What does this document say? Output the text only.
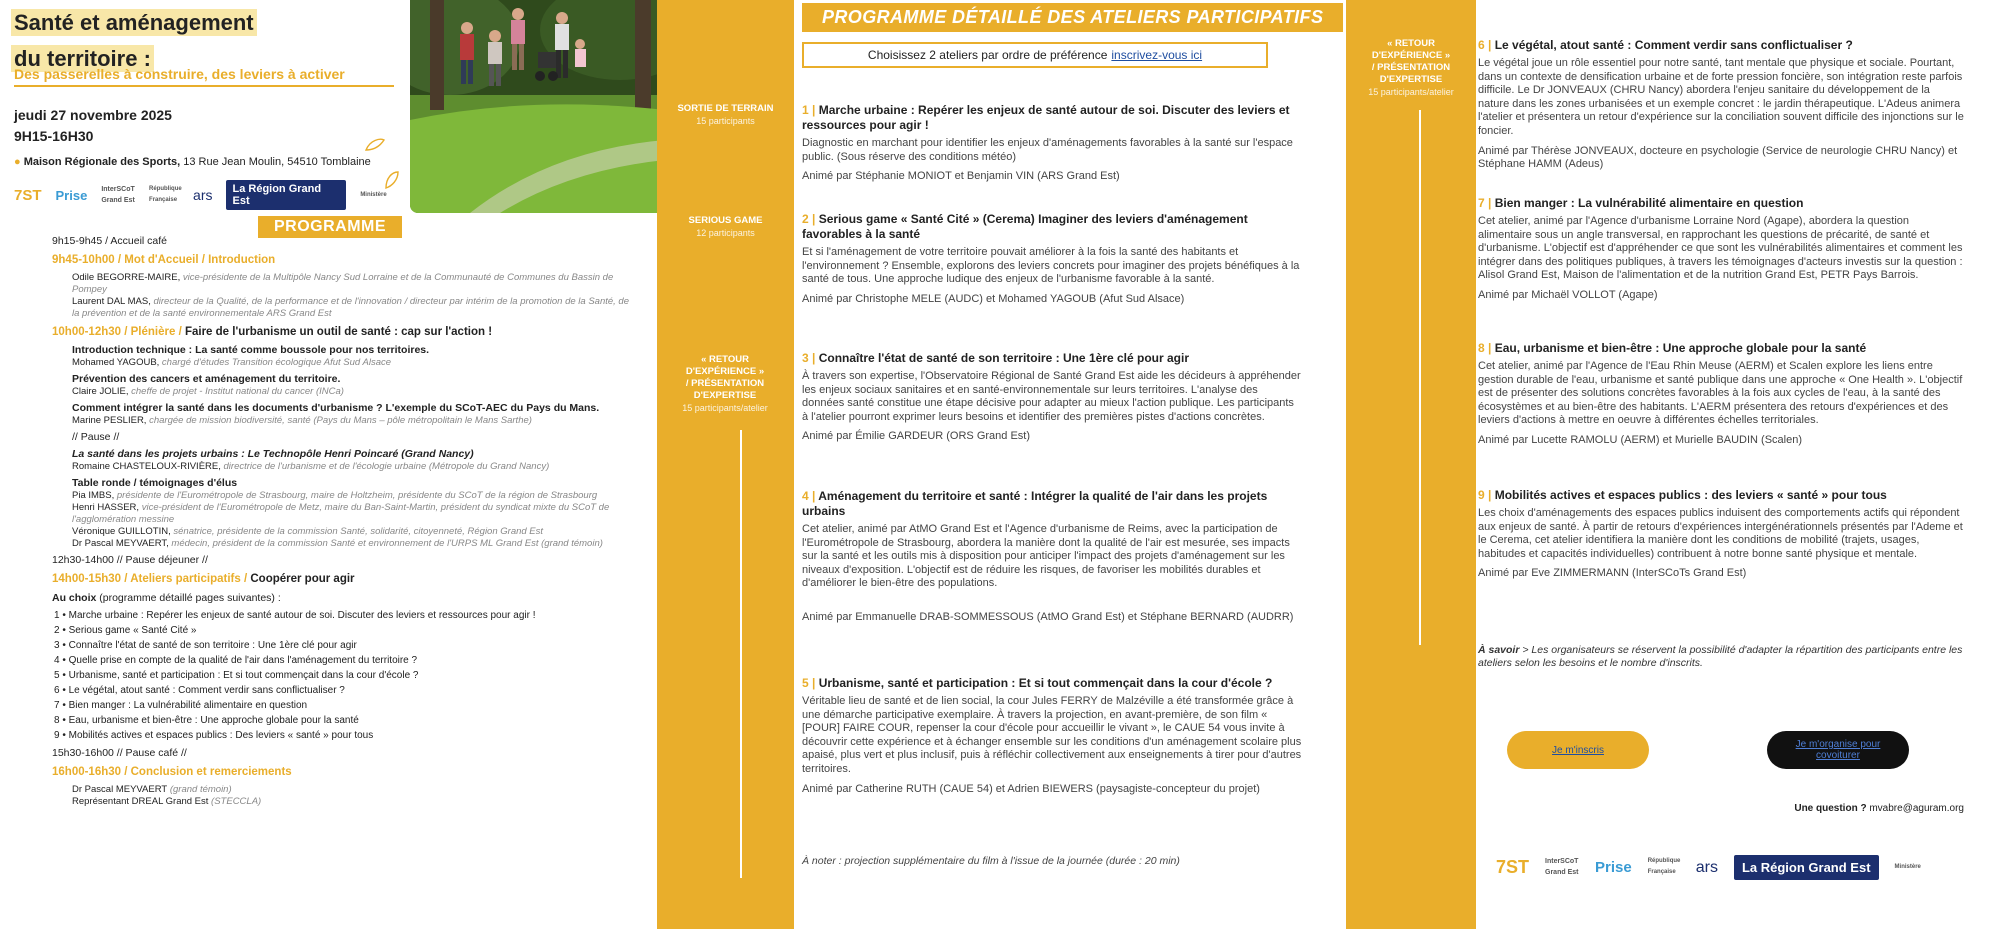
Santé et aménagement
du territoire :
Des passerelles à construire, des leviers à activer
jeudi 27 novembre 2025
9H15-16H30
● Maison Régionale des Sports, 13 Rue Jean Moulin, 54510 Tomblaine
7ST Prise InterSCoT Grand Est
République Française ars	La Région Grand Est
Ministère
PROGRAMME
9h15-9h45 / Accueil café
9h45-10h00 / Mot d'Accueil / Introduction
Odile BEGORRE-MAIRE, vice-présidente de la Multipôle Nancy Sud Lorraine et de la Communauté de Communes du Bassin de Pompey
Laurent DAL MAS, directeur de la Qualité, de la performance et de l'innovation / directeur par intérim de la promotion de la Santé, de la prévention et de la santé environnementale ARS Grand Est
10h00-12h30 / Plénière / Faire de l'urbanisme un outil de santé : cap sur l'action !
Introduction technique : La santé comme boussole pour nos territoires.
Mohamed YAGOUB, chargé d'études Transition écologique Afut Sud Alsace
Prévention des cancers et aménagement du territoire.
Claire JOLIE, cheffe de projet - Institut national du cancer (INCa)
Comment intégrer la santé dans les documents d'urbanisme ? L'exemple du SCoT-AEC du Pays du Mans.
Marine PESLIER, chargée de mission biodiversité, santé (Pays du Mans – pôle métropolitain le Mans Sarthe)
// Pause //
La santé dans les projets urbains : Le Technopôle Henri Poincaré (Grand Nancy)
Romaine CHASTELOUX-RIVIÈRE, directrice de l'urbanisme et de l'écologie urbaine (Métropole du Grand Nancy)
Table ronde / témoignages d'élus
Pia IMBS, présidente de l'Eurométropole de Strasbourg, maire de Holtzheim, présidente du SCoT de la région de Strasbourg
Henri HASSER, vice-président de l'Eurométropole de Metz, maire du Ban-Saint-Martin, président du syndicat mixte du SCoT de l'agglomération messine
Véronique GUILLOTIN, sénatrice, présidente de la commission Santé, solidarité, citoyenneté, Région Grand Est
Dr Pascal MEYVAERT, médecin, président de la commission Santé et environnement de l'URPS ML Grand Est (grand témoin)
12h30-14h00 // Pause déjeuner //
14h00-15h30 / Ateliers participatifs / Coopérer pour agir
Au choix (programme détaillé pages suivantes) :
1 • Marche urbaine : Repérer les enjeux de santé autour de soi. Discuter des leviers et ressources pour agir !
2 • Serious game « Santé Cité »
3 • Connaître l'état de santé de son territoire : Une 1ère clé pour agir
4 • Quelle prise en compte de la qualité de l'air dans l'aménagement du territoire ?
5 • Urbanisme, santé et participation : Et si tout commençait dans la cour d'école ?
6 • Le végétal, atout santé : Comment verdir sans conflictualiser ?
7 • Bien manger : La vulnérabilité alimentaire en question
8 • Eau, urbanisme et bien-être : Une approche globale pour la santé
9 • Mobilités actives et espaces publics : Des leviers « santé » pour tous
15h30-16h00 // Pause café //
16h00-16h30 / Conclusion et remerciements
Dr Pascal MEYVAERT (grand témoin)
Représentant DREAL Grand Est (STECCLA)
SORTIE DE TERRAIN
15 participants
SERIOUS GAME
12 participants
« RETOUR D'EXPÉRIENCE » / PRÉSENTATION D'EXPERTISE
15 participants/atelier
PROGRAMME DÉTAILLÉ DES ATELIERS PARTICIPATIFS
Choisissez 2 ateliers par ordre de préférence inscrivez-vous ici
1 | Marche urbaine : Repérer les enjeux de santé autour de soi. Discuter des leviers et ressources pour agir !

Diagnostic en marchant pour identifier les enjeux d'aménagements favorables à la santé sur l'espace public. (Sous réserve des conditions météo)

Animé par Stéphanie MONIOT et Benjamin VIN (ARS Grand Est)

2 | Serious game « Santé Cité » (Cerema) Imaginer des leviers d'aménagement favorables à la santé

Et si l'aménagement de votre territoire pouvait améliorer à la fois la santé des habitants et l'environnement ? Ensemble, explorons des leviers concrets pour imaginer des projets bénéfiques à la santé de tous. Une approche ludique des enjeux de l'urbanisme favorable à la santé.

Animé par Christophe MELE (AUDC) et Mohamed YAGOUB (Afut Sud Alsace)

3 | Connaître l'état de santé de son territoire : Une 1ère clé pour agir

À travers son expertise, l'Observatoire Régional de Santé Grand Est aide les décideurs à appréhender les enjeux sociaux sanitaires et en santé-environnementale sur leurs territoires. L'analyse des données santé constitue une étape décisive pour adapter au mieux l'action publique. Les participants à l'atelier pourront exprimer leurs besoins et identifier des premières pistes d'actions concrètes.

Animé par Émilie GARDEUR (ORS Grand Est)

4 | Aménagement du territoire et santé : Intégrer la qualité de l'air dans les projets urbains

Cet atelier, animé par AtMO Grand Est et l'Agence d'urbanisme de Reims, avec la participation de l'Eurométropole de Strasbourg, abordera la manière dont la qualité de l'air est mesurée, ses impacts sur la santé et les outils mis à disposition pour anticiper l'impact des projets d'aménagement sur les niveaux d'exposition. L'objectif est de réduire les risques, de favoriser les mobilités durables et d'améliorer le bien-être des populations.

Animé par Emmanuelle DRAB-SOMMESSOUS (AtMO Grand Est) et Stéphane BERNARD (AUDRR)

5 | Urbanisme, santé et participation : Et si tout commençait dans la cour d'école ?

Véritable lieu de santé et de lien social, la cour Jules FERRY de Malzéville a été transformée grâce à une démarche participative exemplaire. À travers la projection, en avant-première, de son film « [POUR] FAIRE COUR, repenser la cour d'école pour accueillir le vivant », le CAUE 54 vous invite à découvrir cette expérience et à échanger ensemble sur les conditions d'un aménagement scolaire plus apaisé, plus vert et plus inclusif, puis à réfléchir collectivement aux enseignements à tirer pour d'autres territoires.

Animé par Catherine RUTH (CAUE 54) et Adrien BIEWERS (paysagiste-concepteur du projet)

À noter : projection supplémentaire du film à l'issue de la journée (durée : 20 min)
« RETOUR D'EXPÉRIENCE » / PRÉSENTATION D'EXPERTISE
15 participants/atelier
6 | Le végétal, atout santé : Comment verdir sans conflictualiser ?

Le végétal joue un rôle essentiel pour notre santé, tant mentale que physique et sociale. Pourtant, dans un contexte de densification urbaine et de forte pression foncière, son intégration reste parfois difficile. Le Dr JONVEAUX (CHRU Nancy) abordera l'enjeu sanitaire du développement de la nature dans les zones urbanisées et un exemple concret : le jardin thérapeutique. L'Adeus animera l'atelier et présentera un retour d'expérience sur la conciliation souvent difficile des injonctions sur le foncier.

Animé par Thérèse JONVEAUX, docteure en psychologie (Service de neurologie CHRU Nancy) et Stéphane HAMM (Adeus)

7 | Bien manger : La vulnérabilité alimentaire en question

Cet atelier, animé par l'Agence d'urbanisme Lorraine Nord (Agape), abordera la question alimentaire sous un angle transversal, en rapprochant les questions de précarité, de santé et d'urbanisme. L'objectif est d'appréhender ce que sont les vulnérabilités alimentaires et comment les intégrer dans des politiques publiques, à travers les témoignages d'acteurs investis sur la question : Alisol Grand Est, Maison de l'alimentation et de la nutrition Grand Est, PETR Pays Barrois.

Animé par Michaël VOLLOT (Agape)

8 | Eau, urbanisme et bien-être : Une approche globale pour la santé

Cet atelier, animé par l'Agence de l'Eau Rhin Meuse (AERM) et Scalen explore les liens entre gestion durable de l'eau, urbanisme et santé publique dans une approche « One Health ». L'objectif est de présenter des solutions concrètes favorables à la fois aux cycles de l'eau, à la santé des écosystèmes et au bien-être des habitants. L'AERM présentera des retours d'expériences et des leviers d'actions à mettre en oeuvre à différentes échelles territoriales.

Animé par Lucette RAMOLU (AERM) et Murielle BAUDIN (Scalen)

9 | Mobilités actives et espaces publics : des leviers « santé » pour tous

Les choix d'aménagements des espaces publics induisent des comportements actifs qui répondent aux enjeux de santé. À partir de retours d'expériences intergénérationnels présentés par l'Ademe et le Cerema, cet atelier identifiera la manière dont les conditions de mobilité (trajets, usages, habitudes et capacités individuelles) contribuent à notre bonne santé physique et mentale.

Animé par Eve ZIMMERMANN (InterSCoTs Grand Est)

À savoir > Les organisateurs se réservent la possibilité d'adapter la répartition des participants entre les ateliers selon les besoins et le nombre d'inscrits.
Je m'inscris	Je m'organise pour covoiturer
Une question ? mvabre@aguram.org
7ST InterSCoT Grand Est Prise	République Française ars	La Région Grand Est	Ministère
